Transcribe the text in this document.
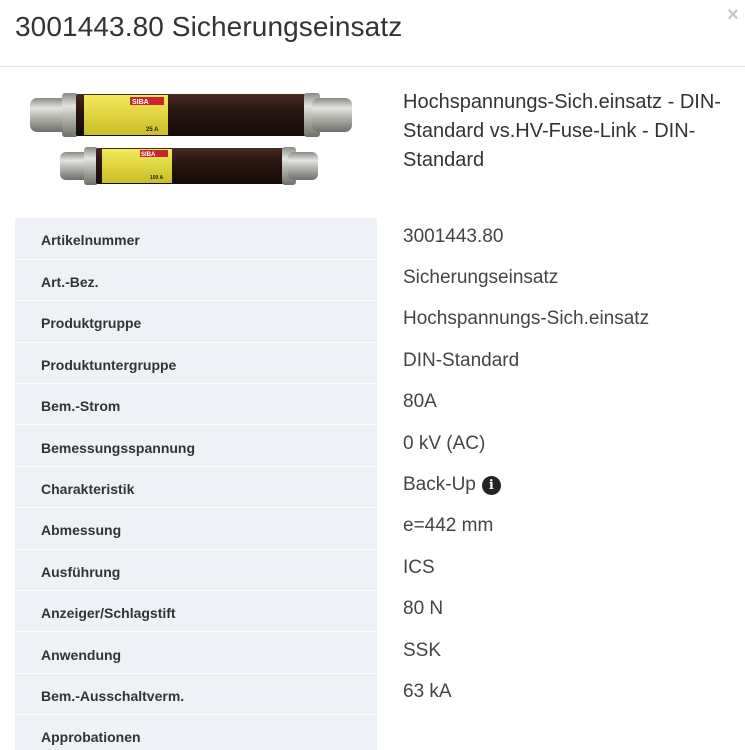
3001443.80 Sicherungseinsatz	×
SIBA
25 A
SIBA
100 A
Hochspannungs-Sich.einsatz - DIN-Standard vs.HV-Fuse-Link - DIN-Standard
Artikelnummer	3001443.80
Art.-Bez.	Sicherungseinsatz
Produktgruppe	Hochspannungs-Sich.einsatz
Produktuntergruppe	DIN-Standard
Bem.-Strom	80A
Bemessungsspannung	0 kV (AC)
Charakteristik	Back-Up i
Abmessung	e=442 mm
Ausführung	ICS
Anzeiger/Schlagstift	80 N
Anwendung	SSK
Bem.-Ausschaltverm.	63 kA
Approbationen	
